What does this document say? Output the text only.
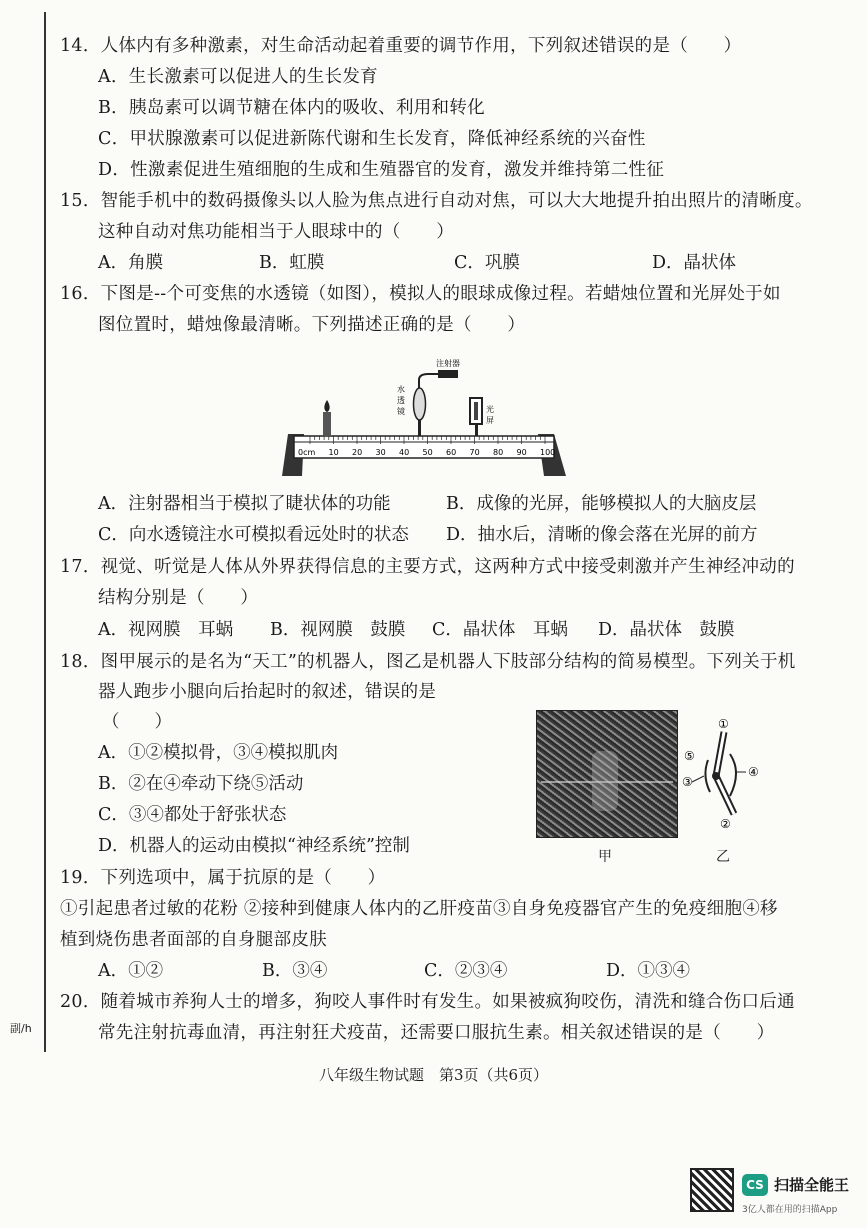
副/h
14．人体内有多种激素，对生命活动起着重要的调节作用，下列叙述错误的是（　　）
A．生长激素可以促进人的生长发育
B．胰岛素可以调节糖在体内的吸收、利用和转化
C．甲状腺激素可以促进新陈代谢和生长发育，降低神经系统的兴奋性
D．性激素促进生殖细胞的生成和生殖器官的发育，激发并维持第二性征
15．智能手机中的数码摄像头以人脸为焦点进行自动对焦，可以大大地提升拍出照片的清晰度。
这种自动对焦功能相当于人眼球中的（　　）
A．角膜	B．虹膜	C．巩膜	D．晶状体
16．下图是--个可变焦的水透镜（如图），模拟人的眼球成像过程。若蜡烛位置和光屏处于如
图位置时，蜡烛像最清晰。下列描述正确的是（　　）
0cm 10 20 30 40 50 60 70 80 90 100
注射器
水
透
镜	光
屏
A．注射器相当于模拟了睫状体的功能	B．成像的光屏，能够模拟人的大脑皮层
C．向水透镜注水可模拟看远处时的状态 D．抽水后，清晰的像会落在光屏的前方
17．视觉、听觉是人体从外界获得信息的主要方式，这两种方式中接受刺激并产生神经冲动的
结构分别是（　　）
A．视网膜　耳蜗 B．视网膜　鼓膜 C．晶状体　耳蜗 D．晶状体　鼓膜
18．图甲展示的是名为“天工”的机器人，图乙是机器人下肢部分结构的简易模型。下列关于机
器人跑步小腿向后抬起时的叙述，错误的是
（　　）
A．①②模拟骨，③④模拟肌肉
B．②在④牵动下绕⑤活动
C．③④都处于舒张状态
D．机器人的运动由模拟“神经系统”控制
甲
①
②
③
④
⑤
乙
19．下列选项中，属于抗原的是（　　）
①引起患者过敏的花粉 ②接种到健康人体内的乙肝疫苗③自身免疫器官产生的免疫细胞④移
植到烧伤患者面部的自身腿部皮肤
A．①②	B．③④	C．②③④	D．①③④
20．随着城市养狗人士的增多，狗咬人事件时有发生。如果被疯狗咬伤，清洗和缝合伤口后通
常先注射抗毒血清，再注射狂犬疫苗，还需要口服抗生素。相关叙述错误的是（　　）
八年级生物试题　第3页（共6页）
CS 扫描全能王
3亿人都在用的扫描App
